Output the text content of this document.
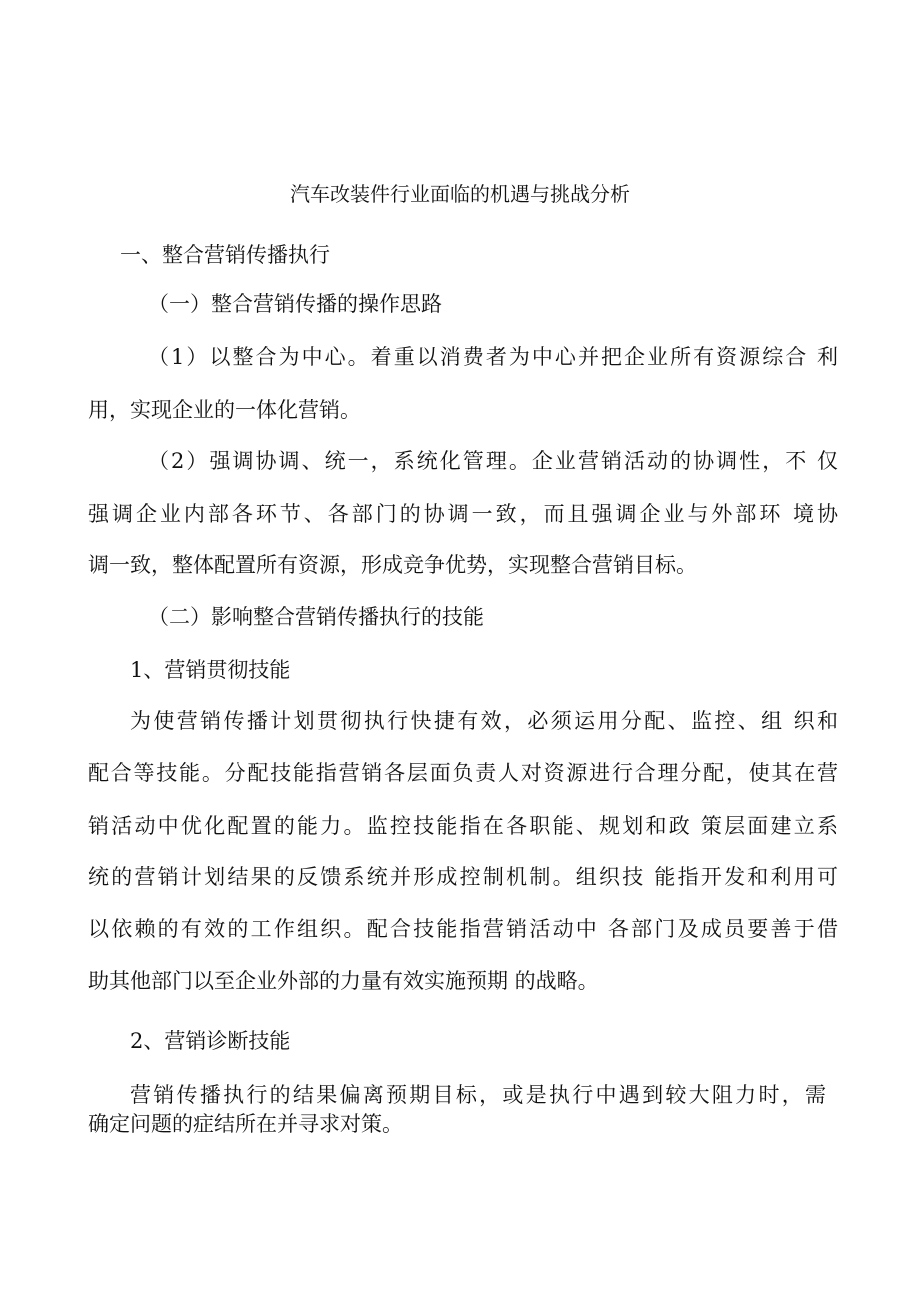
汽车改装件行业面临的机遇与挑战分析
一、整合营销传播执行
（一）整合营销传播的操作思路
（1）以整合为中心。着重以消费者为中心并把企业所有资源综合 利
用，实现企业的一体化营销。
（2）强调协调、统一，系统化管理。企业营销活动的协调性，不 仅
强调企业内部各环节、各部门的协调一致，而且强调企业与外部环 境协
调一致，整体配置所有资源，形成竞争优势，实现整合营销目标。
（二）影响整合营销传播执行的技能
1、营销贯彻技能
为使营销传播计划贯彻执行快捷有效，必须运用分配、监控、组 织和
配合等技能。分配技能指营销各层面负责人对资源进行合理分配，使其在营
销活动中优化配置的能力。监控技能指在各职能、规划和政 策层面建立系
统的营销计划结果的反馈系统并形成控制机制。组织技 能指开发和利用可
以依赖的有效的工作组织。配合技能指营销活动中 各部门及成员要善于借
助其他部门以至企业外部的力量有效实施预期 的战略。
2、营销诊断技能
营销传播执行的结果偏离预期目标，或是执行中遇到较大阻力时，需
确定问题的症结所在并寻求对策。
